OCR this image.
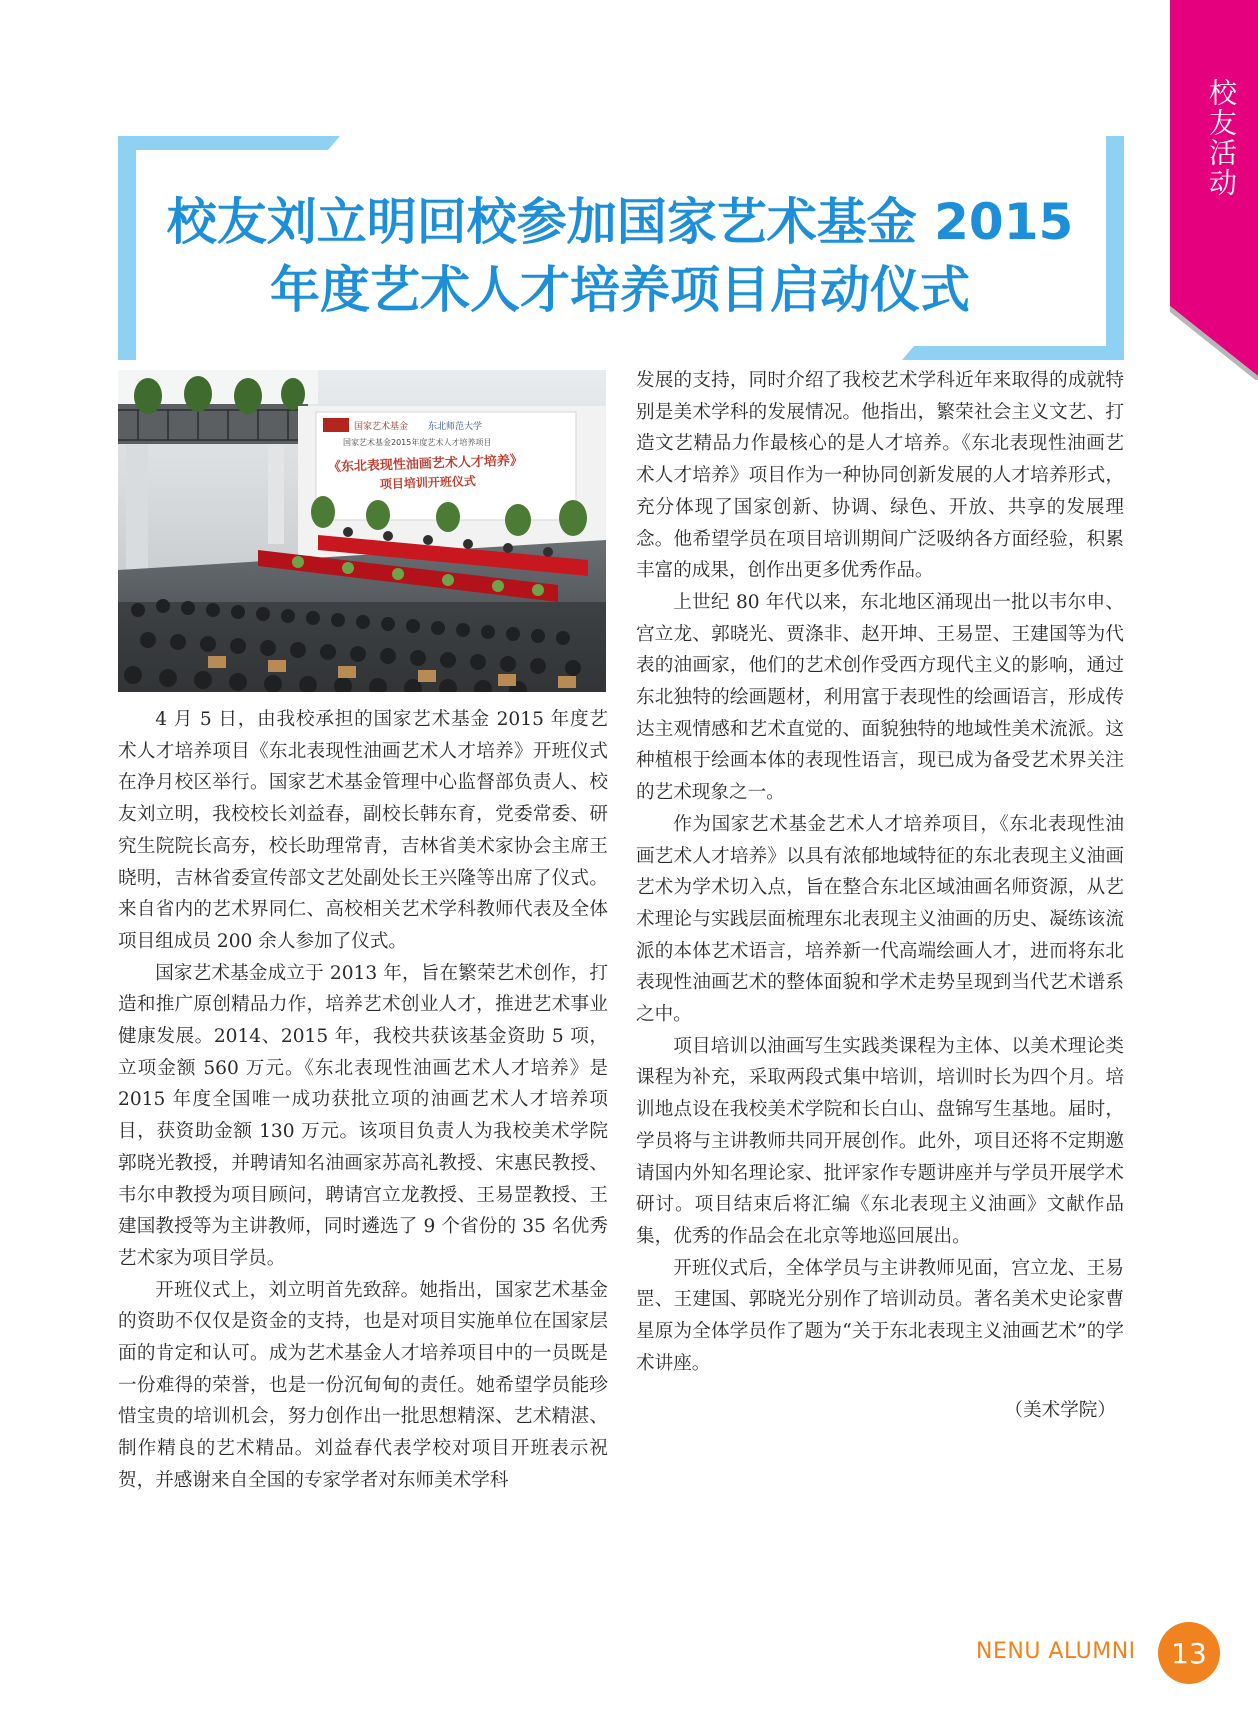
校友活动
校友刘立明回校参加国家艺术基金 2015
年度艺术人才培养项目启动仪式
国家艺术基金 东北师范大学
国家艺术基金2015年度艺术人才培养项目
《东北表现性油画艺术人才培养》
项目培训开班仪式

4 月 5 日，由我校承担的国家艺术基金 2015 年度艺术人才培养项目《东北表现性油画艺术人才培养》开班仪式在净月校区举行。国家艺术基金管理中心监督部负责人、校友刘立明，我校校长刘益春，副校长韩东育，党委常委、研究生院院长高夯，校长助理常青，吉林省美术家协会主席王晓明，吉林省委宣传部文艺处副处长王兴隆等出席了仪式。来自省内的艺术界同仁、高校相关艺术学科教师代表及全体项目组成员 200 余人参加了仪式。

国家艺术基金成立于 2013 年，旨在繁荣艺术创作，打造和推广原创精品力作，培养艺术创业人才，推进艺术事业健康发展。2014、2015 年，我校共获该基金资助 5 项，立项金额 560 万元。《东北表现性油画艺术人才培养》是 2015 年度全国唯一成功获批立项的油画艺术人才培养项目，获资助金额 130 万元。该项目负责人为我校美术学院郭晓光教授，并聘请知名油画家苏高礼教授、宋惠民教授、韦尔申教授为项目顾问，聘请宫立龙教授、王易罡教授、王建国教授等为主讲教师，同时遴选了 9 个省份的 35 名优秀艺术家为项目学员。

开班仪式上，刘立明首先致辞。她指出，国家艺术基金的资助不仅仅是资金的支持，也是对项目实施单位在国家层面的肯定和认可。成为艺术基金人才培养项目中的一员既是一份难得的荣誉，也是一份沉甸甸的责任。她希望学员能珍惜宝贵的培训机会，努力创作出一批思想精深、艺术精湛、制作精良的艺术精品。刘益春代表学校对项目开班表示祝贺，并感谢来自全国的专家学者对东师美术学科

发展的支持，同时介绍了我校艺术学科近年来取得的成就特别是美术学科的发展情况。他指出，繁荣社会主义文艺、打造文艺精品力作最核心的是人才培养。《东北表现性油画艺术人才培养》项目作为一种协同创新发展的人才培养形式，充分体现了国家创新、协调、绿色、开放、共享的发展理念。他希望学员在项目培训期间广泛吸纳各方面经验，积累丰富的成果，创作出更多优秀作品。

上世纪 80 年代以来，东北地区涌现出一批以韦尔申、宫立龙、郭晓光、贾涤非、赵开坤、王易罡、王建国等为代表的油画家，他们的艺术创作受西方现代主义的影响，通过东北独特的绘画题材，利用富于表现性的绘画语言，形成传达主观情感和艺术直觉的、面貌独特的地域性美术流派。这种植根于绘画本体的表现性语言，现已成为备受艺术界关注的艺术现象之一。

作为国家艺术基金艺术人才培养项目，《东北表现性油画艺术人才培养》以具有浓郁地域特征的东北表现主义油画艺术为学术切入点，旨在整合东北区域油画名师资源，从艺术理论与实践层面梳理东北表现主义油画的历史、凝练该流派的本体艺术语言，培养新一代高端绘画人才，进而将东北表现性油画艺术的整体面貌和学术走势呈现到当代艺术谱系之中。

项目培训以油画写生实践类课程为主体、以美术理论类课程为补充，采取两段式集中培训，培训时长为四个月。培训地点设在我校美术学院和长白山、盘锦写生基地。届时，学员将与主讲教师共同开展创作。此外，项目还将不定期邀请国内外知名理论家、批评家作专题讲座并与学员开展学术研讨。项目结束后将汇编《东北表现主义油画》文献作品集，优秀的作品会在北京等地巡回展出。

开班仪式后，全体学员与主讲教师见面，宫立龙、王易罡、王建国、郭晓光分别作了培训动员。著名美术史论家曹星原为全体学员作了题为“关于东北表现主义油画艺术”的学术讲座。

（美术学院）

NENU ALUMNI	13
